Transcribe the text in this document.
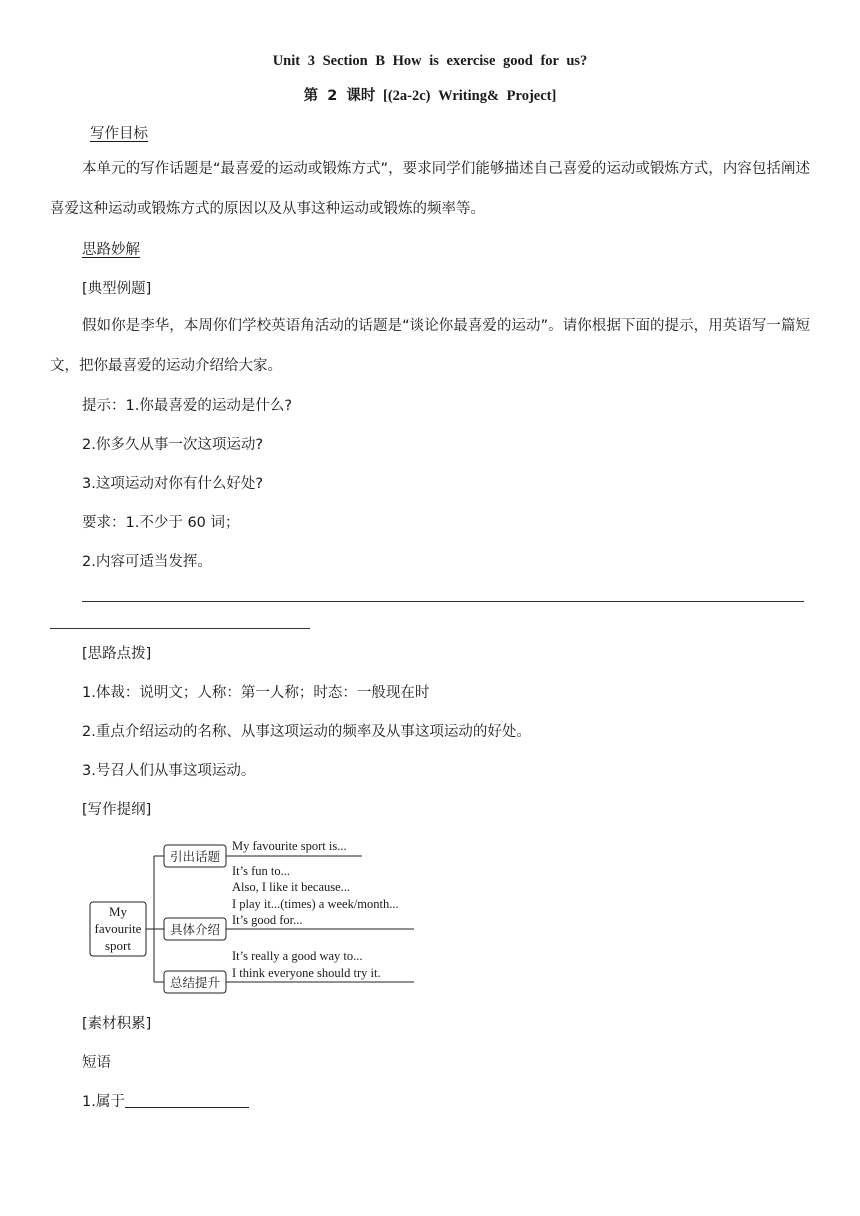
Unit 3 Section B How is exercise good for us?
第 2 课时 [(2a-2c) Writing& Project]
写作目标
本单元的写作话题是“最喜爱的运动或锻炼方式”，要求同学们能够描述自己喜爱的运动或锻炼方式，内容包括阐述喜爱这种运动或锻炼方式的原因以及从事这种运动或锻炼的频率等。
思路妙解
[典型例题]
假如你是李华，本周你们学校英语角活动的话题是“谈论你最喜爱的运动”。请你根据下面的提示，用英语写一篇短文，把你最喜爱的运动介绍给大家。
提示：1.你最喜爱的运动是什么?
2.你多久从事一次这项运动?
3.这项运动对你有什么好处?
要求：1.不少于 60 词；
2.内容可适当发挥。
[思路点拨]
1.体裁：说明文；人称：第一人称；时态：一般现在时
2.重点介绍运动的名称、从事这项运动的频率及从事这项运动的好处。
3.号召人们从事这项运动。
[写作提纲]
My
favourite
sport
引出话题
具体介绍
总结提升
My favourite sport is...
It’s fun to...
Also, I like it because...
I play it...(times) a week/month...
It’s good for...
It’s really a good way to...
I think everyone should try it.
[素材积累]
短语
1.属于
